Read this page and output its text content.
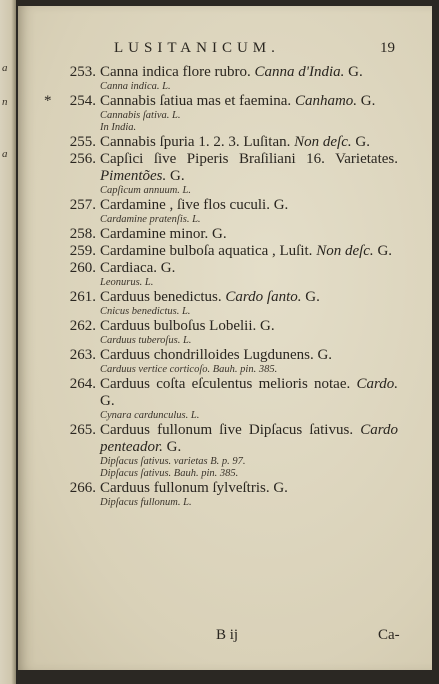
a
n
a
LUSITANICUM.	19
253. Canna indica flore rubro. Canna d'India. G.
Canna indica. L.
*	254. Cannabis ſatiua mas et faemina. Canhamo. G.
Cannabis ſativa. L.
In India.
255. Cannabis ſpuria 1. 2. 3. Luſitan. Non deſc. G.
256. Capſici ſive Piperis Braſiliani 16. Varietates. Pimentões. G.
Capſicum annuum. L.
257. Cardamine , ſive flos cuculi. G.
Cardamine pratenſis. L.
258. Cardamine minor. G.
259. Cardamine bulboſa aquatica , Luſit. Non deſc. G.
260. Cardiaca. G.
Leonurus. L.
261. Carduus benedictus. Cardo ſanto. G.
Cnicus benedictus. L.
262. Carduus bulboſus Lobelii. G.
Carduus tuberoſus. L.
263. Carduus chondrilloides Lugdunens. G.
Carduus vertice corticoſo. Bauh. pin. 385.
264. Carduus coſta eſculentus melioris notae. Cardo. G.
Cynara cardunculus. L.
265. Carduus fullonum ſive Dipſacus ſativus. Cardo penteador. G.
Dipſacus ſativus. varietas B. p. 97.
Dipſacus ſativus. Bauh. pin. 385.
266. Carduus fullonum ſylveſtris. G.
Dipſacus fullonum. L.
B ij	Ca-
